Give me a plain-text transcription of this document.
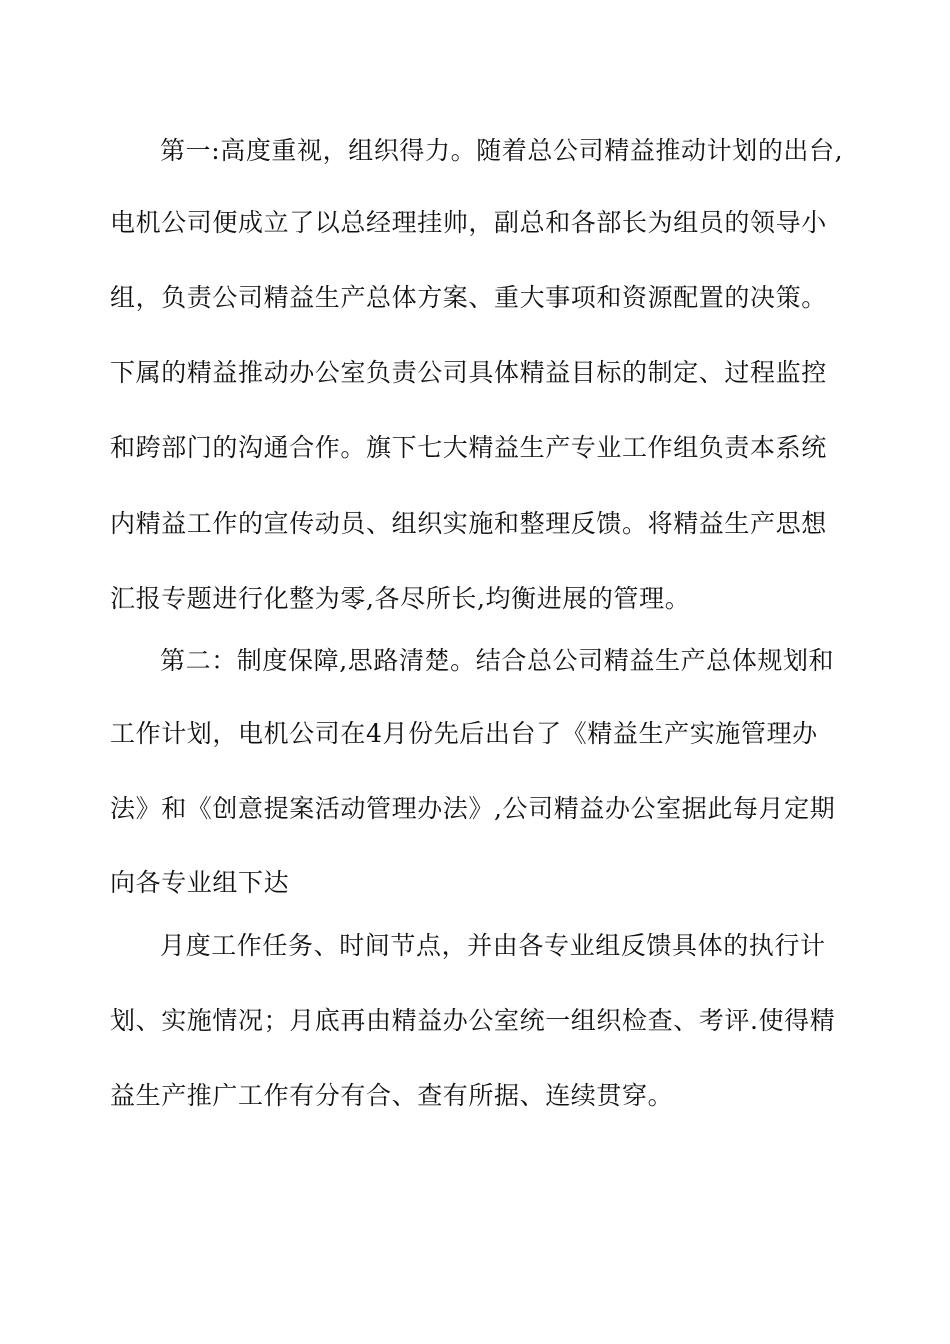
第一:高度重视，组织得力。随着总公司精益推动计划的出台,
电机公司便成立了以总经理挂帅，副总和各部长为组员的领导小
组，负责公司精益生产总体方案、重大事项和资源配置的决策。
下属的精益推动办公室负责公司具体精益目标的制定、过程监控
和跨部门的沟通合作。旗下七大精益生产专业工作组负责本系统
内精益工作的宣传动员、组织实施和整理反馈。将精益生产思想
汇报专题进行化整为零,各尽所长,均衡进展的管理。
第二：制度保障,思路清楚。结合总公司精益生产总体规划和
工作计划，电机公司在4月份先后出台了《精益生产实施管理办
法》和《创意提案活动管理办法》,公司精益办公室据此每月定期
向各专业组下达
月度工作任务、时间节点，并由各专业组反馈具体的执行计
划、实施情况；月底再由精益办公室统一组织检查、考评.使得精
益生产推广工作有分有合、查有所据、连续贯穿。
